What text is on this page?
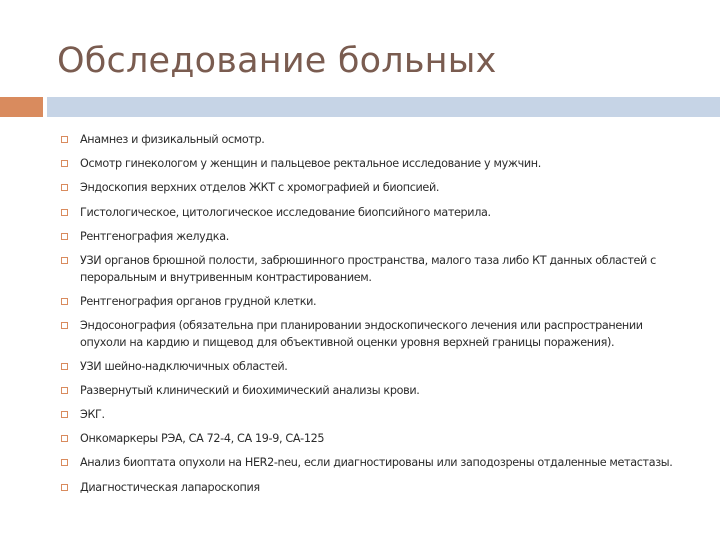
Обследование больных
Анамнез и физикальный осмотр.
Осмотр гинекологом у женщин и пальцевое ректальное исследование у мужчин.
Эндоскопия верхних отделов ЖКТ с хромографией и биопсией.
Гистологическое, цитологическое исследование биопсийного материла.
Рентгенография желудка.
УЗИ органов брюшной полости, забрюшинного пространства, малого таза либо КТ данных областей с пероральным и внутривенным контрастированием.
Рентгенография органов грудной клетки.
Эндосонография (обязательна при планировании эндоскопического лечения или распространении опухоли на кардию и пищевод для объективной оценки уровня верхней границы поражения).
УЗИ шейно-надключичных областей.
Развернутый клинический и биохимический анализы крови.
ЭКГ.
Онкомаркеры РЭА, СА 72-4, СА 19-9, СА-125
Анализ биоптата опухоли на HER2-neu, если диагностированы или заподозрены отдаленные метастазы.
Диагностическая лапароскопия
